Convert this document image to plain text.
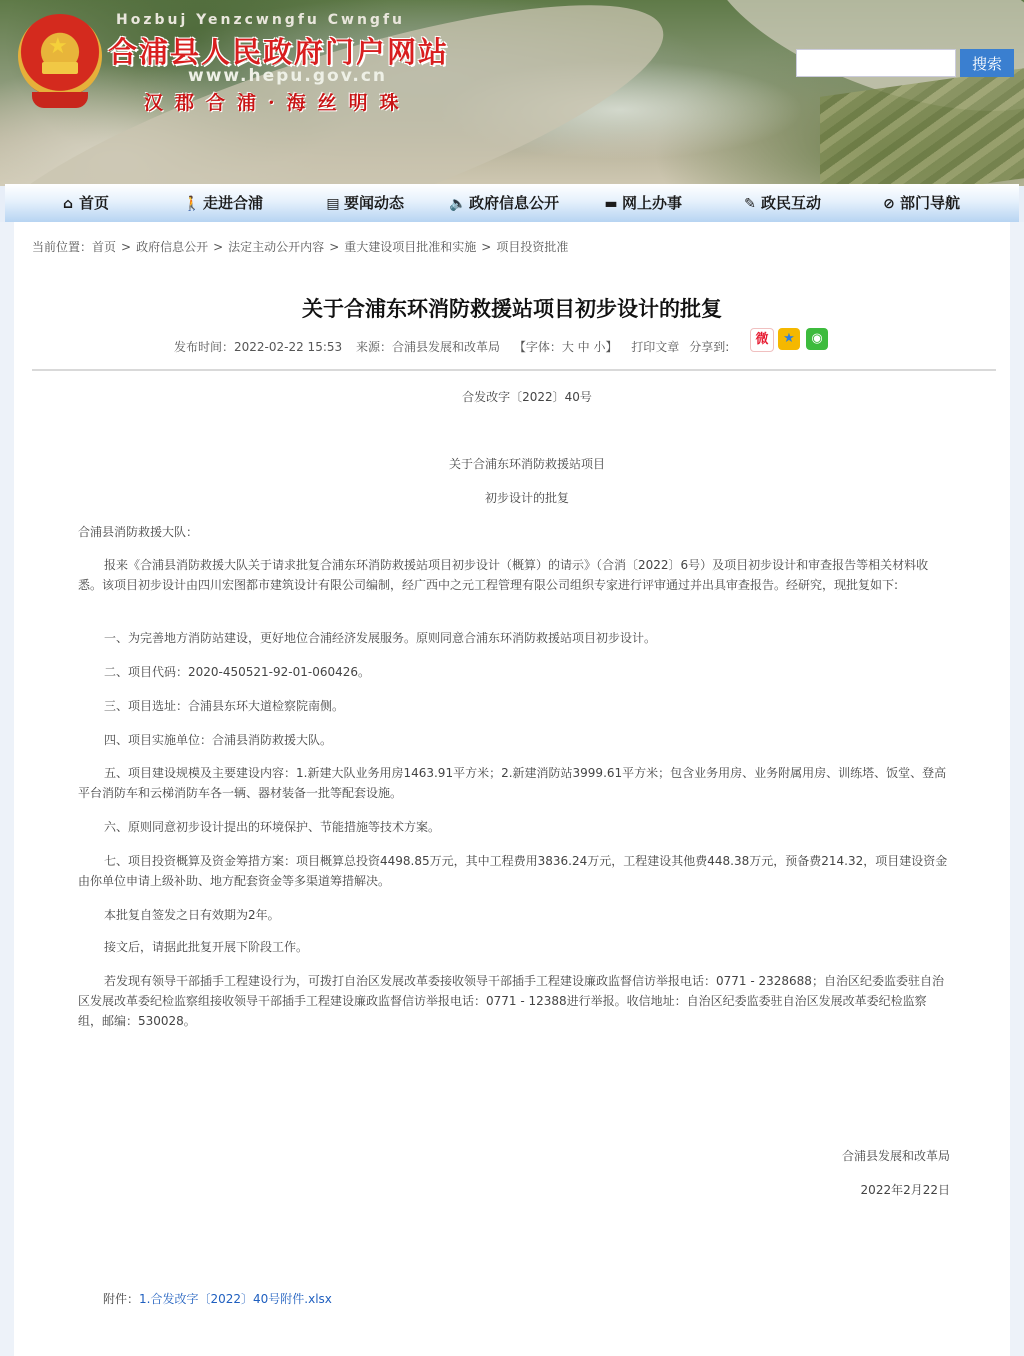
★
Hozbuj Yenzcwngfu Cwngfu
合浦县人民政府门户网站
www.hepu.gov.cn
汉郡合浦·海丝明珠
搜索
⌂ 首页	🚶 走进合浦	▤ 要闻动态	🔈 政府信息公开	▬ 网上办事	✎ 政民互动	⊘ 部门导航
当前位置：首页 > 政府信息公开 > 法定主动公开内容 > 重大建设项目批准和实施 > 项目投资批准
关于合浦东环消防救援站项目初步设计的批复
发布时间：2022-02-22 15:53 来源：合浦县发展和改革局 【字体：大 中 小】 打印文章 分享到:	微	★	◉
合发改字〔2022〕40号
关于合浦东环消防救援站项目
初步设计的批复
合浦县消防救援大队：
报来《合浦县消防救援大队关于请求批复合浦东环消防救援站项目初步设计（概算）的请示》（合消〔2022〕6号）及项目初步设计和审查报告等相关材料收悉。该项目初步设计由四川宏图都市建筑设计有限公司编制，经广西中之元工程管理有限公司组织专家进行评审通过并出具审查报告。经研究，现批复如下:
一、为完善地方消防站建设，更好地位合浦经济发展服务。原则同意合浦东环消防救援站项目初步设计。
二、项目代码：2020-450521-92-01-060426。
三、项目选址：合浦县东环大道检察院南侧。
四、项目实施单位：合浦县消防救援大队。
五、项目建设规模及主要建设内容：1.新建大队业务用房1463.91平方米；2.新建消防站3999.61平方米；包含业务用房、业务附属用房、训练塔、饭堂、登高平台消防车和云梯消防车各一辆、器材装备一批等配套设施。
六、原则同意初步设计提出的环境保护、节能措施等技术方案。
七、项目投资概算及资金筹措方案：项目概算总投资4498.85万元，其中工程费用3836.24万元，工程建设其他费448.38万元，预备费214.32，项目建设资金由你单位申请上级补助、地方配套资金等多渠道筹措解决。
本批复自签发之日有效期为2年。
接文后，请据此批复开展下阶段工作。
若发现有领导干部插手工程建设行为，可拨打自治区发展改革委接收领导干部插手工程建设廉政监督信访举报电话：0771 - 2328688；自治区纪委监委驻自治区发展改革委纪检监察组接收领导干部插手工程建设廉政监督信访举报电话：0771 - 12388进行举报。收信地址：自治区纪委监委驻自治区发展改革委纪检监察组，邮编：530028。
合浦县发展和改革局
2022年2月22日
附件：1.合发改字〔2022〕40号附件.xlsx
